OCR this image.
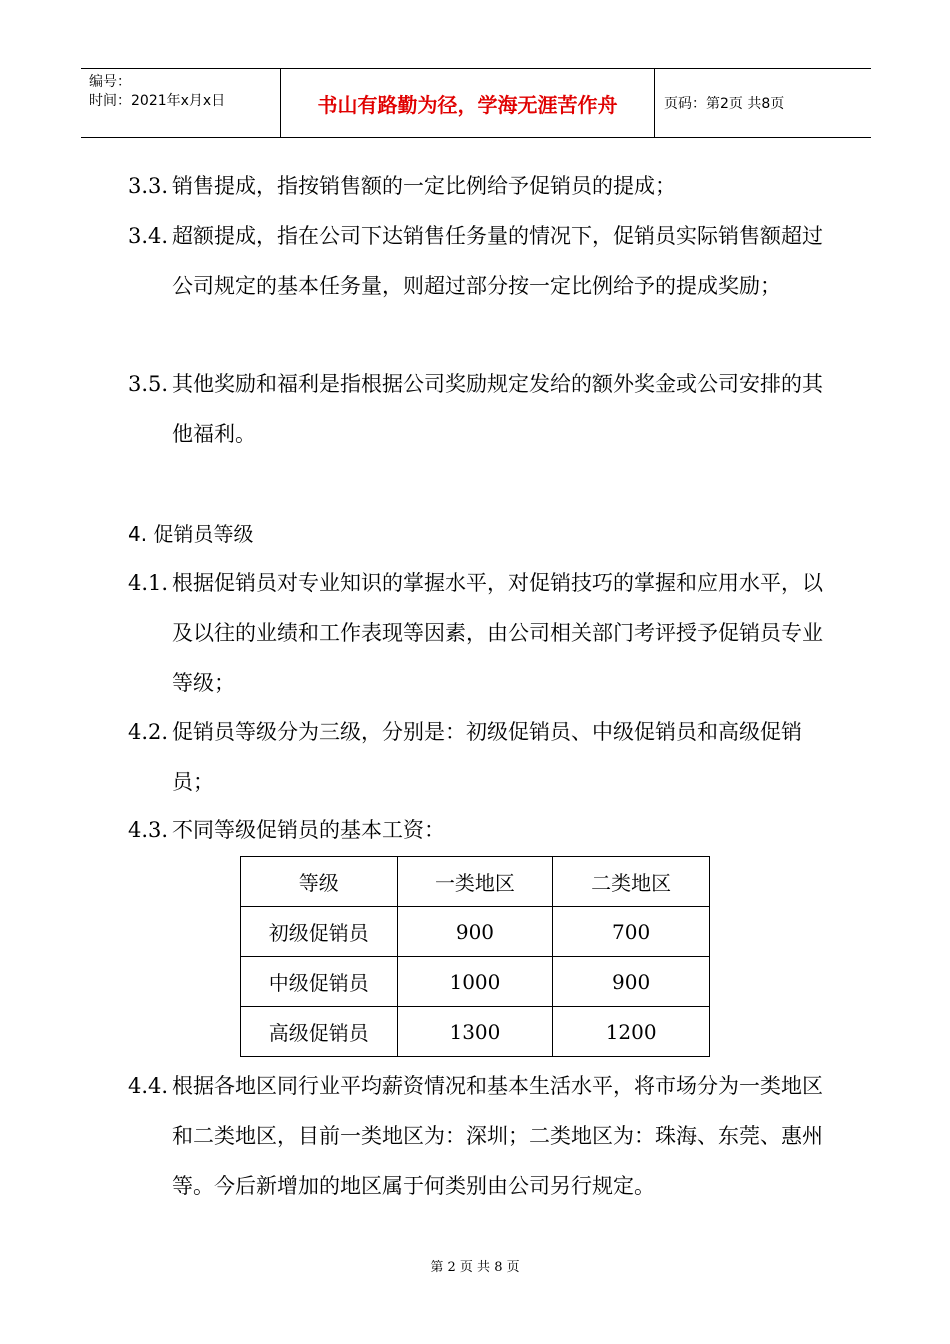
编号：
时间：2021年x月x日	书山有路勤为径，学海无涯苦作舟	页码：第2页 共8页
3.3. 销售提成，指按销售额的一定比例给予促销员的提成；
3.4. 超额提成，指在公司下达销售任务量的情况下，促销员实际销售额超过公司规定的基本任务量，则超过部分按一定比例给予的提成奖励；
3.5. 其他奖励和福利是指根据公司奖励规定发给的额外奖金或公司安排的其他福利。
4. 促销员等级
4.1. 根据促销员对专业知识的掌握水平，对促销技巧的掌握和应用水平，以及以往的业绩和工作表现等因素，由公司相关部门考评授予促销员专业等级；
4.2. 促销员等级分为三级，分别是：初级促销员、中级促销员和高级促销员；
4.3. 不同等级促销员的基本工资：
等级	一类地区	二类地区
初级促销员	900	700
中级促销员	1000	900
高级促销员	1300	1200
4.4. 根据各地区同行业平均薪资情况和基本生活水平，将市场分为一类地区和二类地区，目前一类地区为：深圳；二类地区为：珠海、东莞、惠州等。今后新增加的地区属于何类别由公司另行规定。
第 2 页 共 8 页
